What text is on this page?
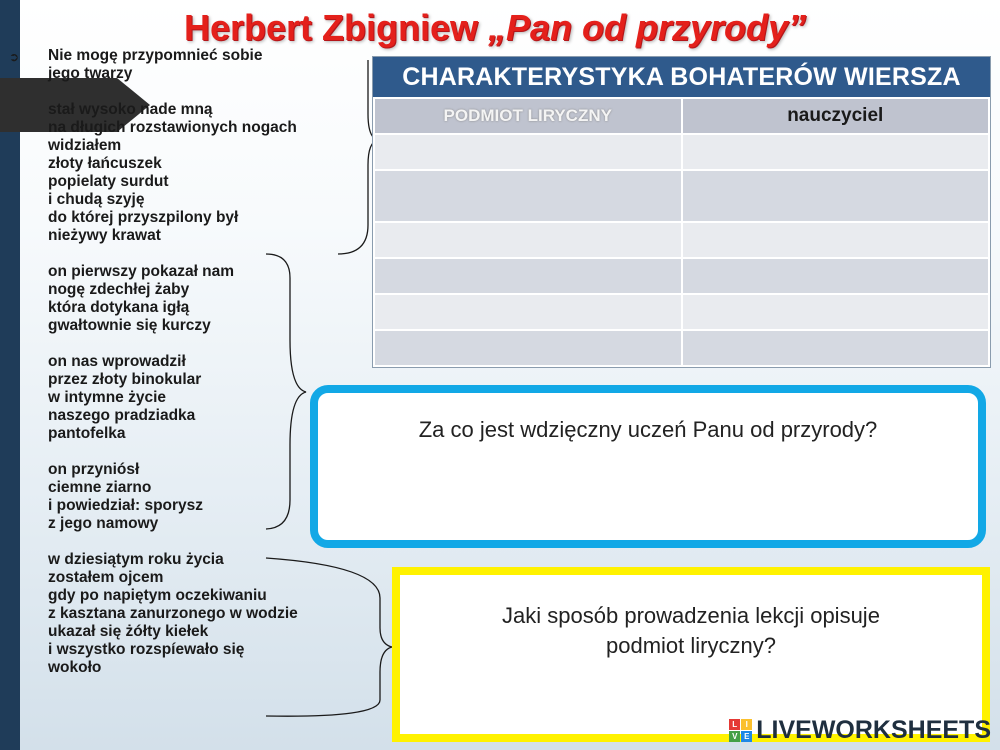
➲
Herbert Zbigniew „Pan od przyrody”
Nie mogę przypomnieć sobie
jego twarzy
stał wysoko nade mną
na długich rozstawionych nogach
widziałem
złoty łańcuszek
popielaty surdut
i chudą szyję
do której przyszpilony był
nieżywy krawat
on pierwszy pokazał nam
nogę zdechłej żaby
która dotykana igłą
gwałtownie się kurczy
on nas wprowadził
przez złoty binokular
w intymne życie
naszego pradziadka
pantofelka
on przyniósł
ciemne ziarno
i powiedział: sporysz
z jego namowy
w dziesiątym roku życia
zostałem ojcem
gdy po napiętym oczekiwaniu
z kasztana zanurzonego w wodzie
ukazał się żółty kiełek
i wszystko rozspíewało się
wokoło
CHARAKTERYSTYKA BOHATERÓW WIERSZA
PODMIOT LIRYCZNY	nauczyciel

Za co jest wdzięczny uczeń Panu od przyrody?
Jaki sposób prowadzenia lekcji opisuje
podmiot liryczny?
L	I
V E LIVEWORKSHEETS
